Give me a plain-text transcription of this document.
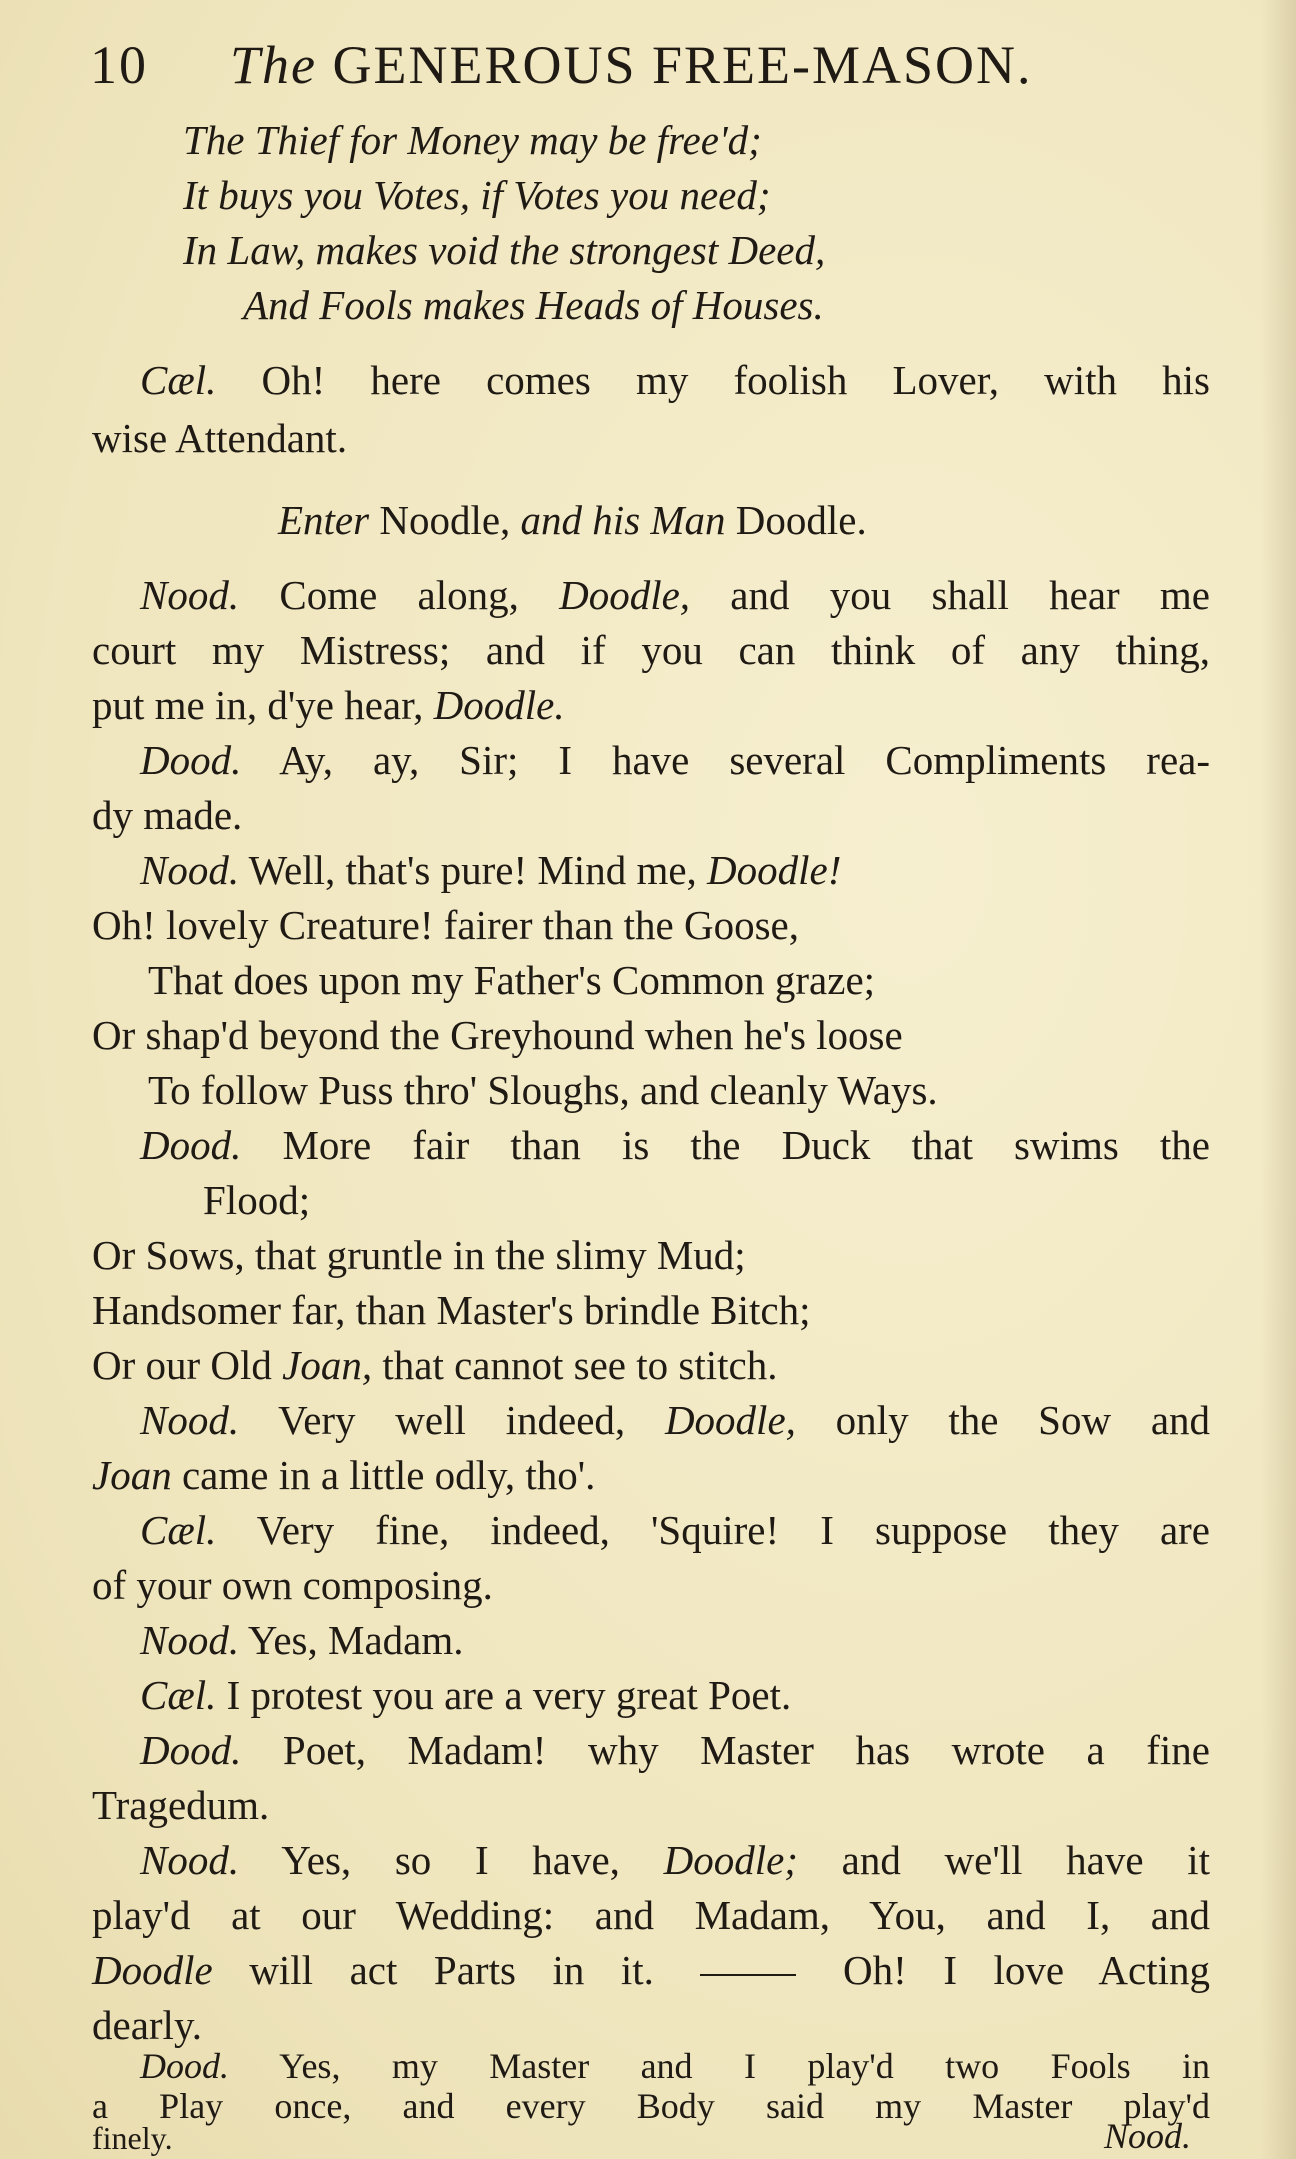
10 The GENEROUS FREE-MASON.
The Thief for Money may be free'd;
It buys you Votes, if Votes you need;
In Law, makes void the strongest Deed,
And Fools makes Heads of Houses.
Cæl. Oh! here comes my foolish Lover, with his
wise Attendant.
Enter Noodle, and his Man Doodle.
Nood. Come along, Doodle, and you shall hear me
court my Mistress; and if you can think of any thing,
put me in, d'ye hear, Doodle.
Dood. Ay, ay, Sir; I have several Compliments rea-
dy made.
Nood. Well, that's pure! Mind me, Doodle!
Oh! lovely Creature! fairer than the Goose,
That does upon my Father's Common graze;
Or shap'd beyond the Greyhound when he's loose
To follow Puss thro' Sloughs, and cleanly Ways.
Dood. More fair than is the Duck that swims the
Flood;
Or Sows, that gruntle in the slimy Mud;
Handsomer far, than Master's brindle Bitch;
Or our Old Joan, that cannot see to stitch.
Nood. Very well indeed, Doodle, only the Sow and
Joan came in a little odly, tho'.
Cæl. Very fine, indeed, 'Squire! I suppose they are
of your own composing.
Nood. Yes, Madam.
Cæl. I protest you are a very great Poet.
Dood. Poet, Madam! why Master has wrote a fine
Tragedum.
Nood. Yes, so I have, Doodle; and we'll have it
play'd at our Wedding: and Madam, You, and I, and
Doodle will act Parts in it.	Oh! I love Acting
dearly.
Dood. Yes, my Master and I play'd two Fools in
a Play once, and every Body said my Master play'd
finely.	Nood.
